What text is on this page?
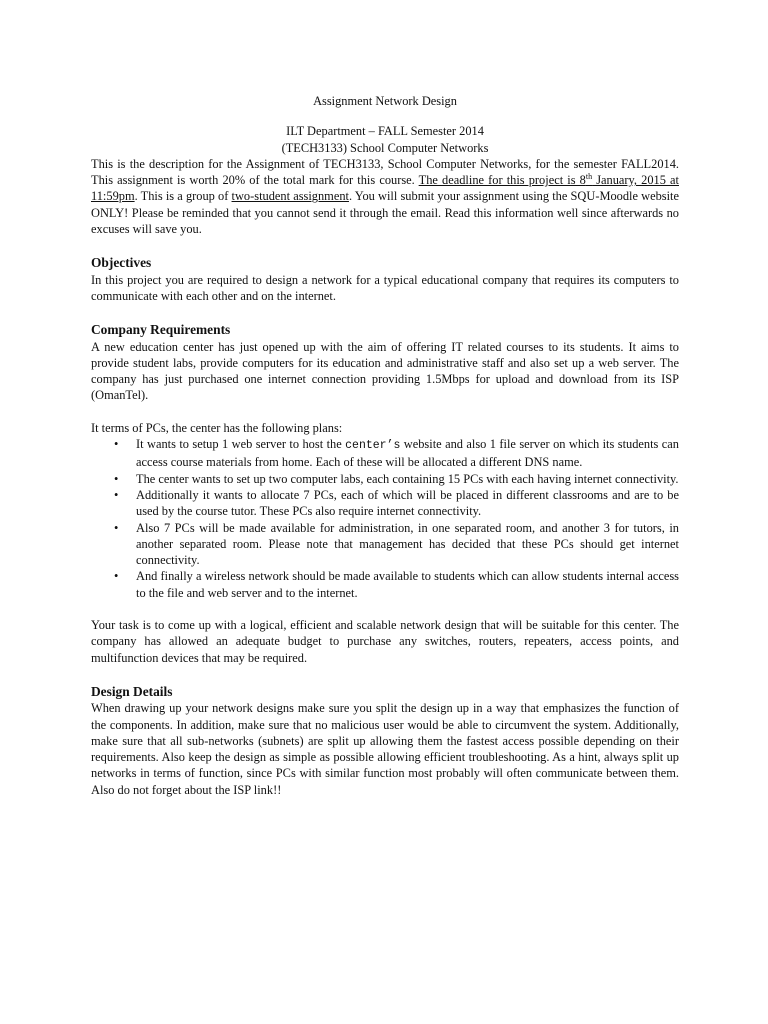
Assignment Network Design

ILT Department – FALL Semester 2014

(TECH3133) School Computer Networks

This is the description for the Assignment of TECH3133, School Computer Networks, for the semester FALL2014. This assignment is worth 20% of the total mark for this course. The deadline for this project is 8th January, 2015 at 11:59pm. This is a group of two-student assignment. You will submit your assignment using the SQU-Moodle website ONLY! Please be reminded that you cannot send it through the email. Read this information well since afterwards no excuses will save you.

Objectives

In this project you are required to design a network for a typical educational company that requires its computers to communicate with each other and on the internet.

Company Requirements

A new education center has just opened up with the aim of offering IT related courses to its students. It aims to provide student labs, provide computers for its education and administrative staff and also set up a web server. The company has just purchased one internet connection providing 1.5Mbps for upload and download from its ISP (OmanTel).

It terms of PCs, the center has the following plans:

• It wants to setup 1 web server to host the center’s website and also 1 file server on which its students can access course materials from home. Each of these will be allocated a different DNS name.
• The center wants to set up two computer labs, each containing 15 PCs with each having internet connectivity.
• Additionally it wants to allocate 7 PCs, each of which will be placed in different classrooms and are to be used by the course tutor. These PCs also require internet connectivity.
• Also 7 PCs will be made available for administration, in one separated room, and another 3 for tutors, in another separated room. Please note that management has decided that these PCs should get internet connectivity.
• And finally a wireless network should be made available to students which can allow students internal access to the file and web server and to the internet.

Your task is to come up with a logical, efficient and scalable network design that will be suitable for this center. The company has allowed an adequate budget to purchase any switches, routers, repeaters, access points, and multifunction devices that may be required.

Design Details

When drawing up your network designs make sure you split the design up in a way that emphasizes the function of the components. In addition, make sure that no malicious user would be able to circumvent the system. Additionally, make sure that all sub-networks (subnets) are split up allowing them the fastest access possible depending on their requirements. Also keep the design as simple as possible allowing efficient troubleshooting. As a hint, always split up networks in terms of function, since PCs with similar function most probably will often communicate between them. Also do not forget about the ISP link!!
